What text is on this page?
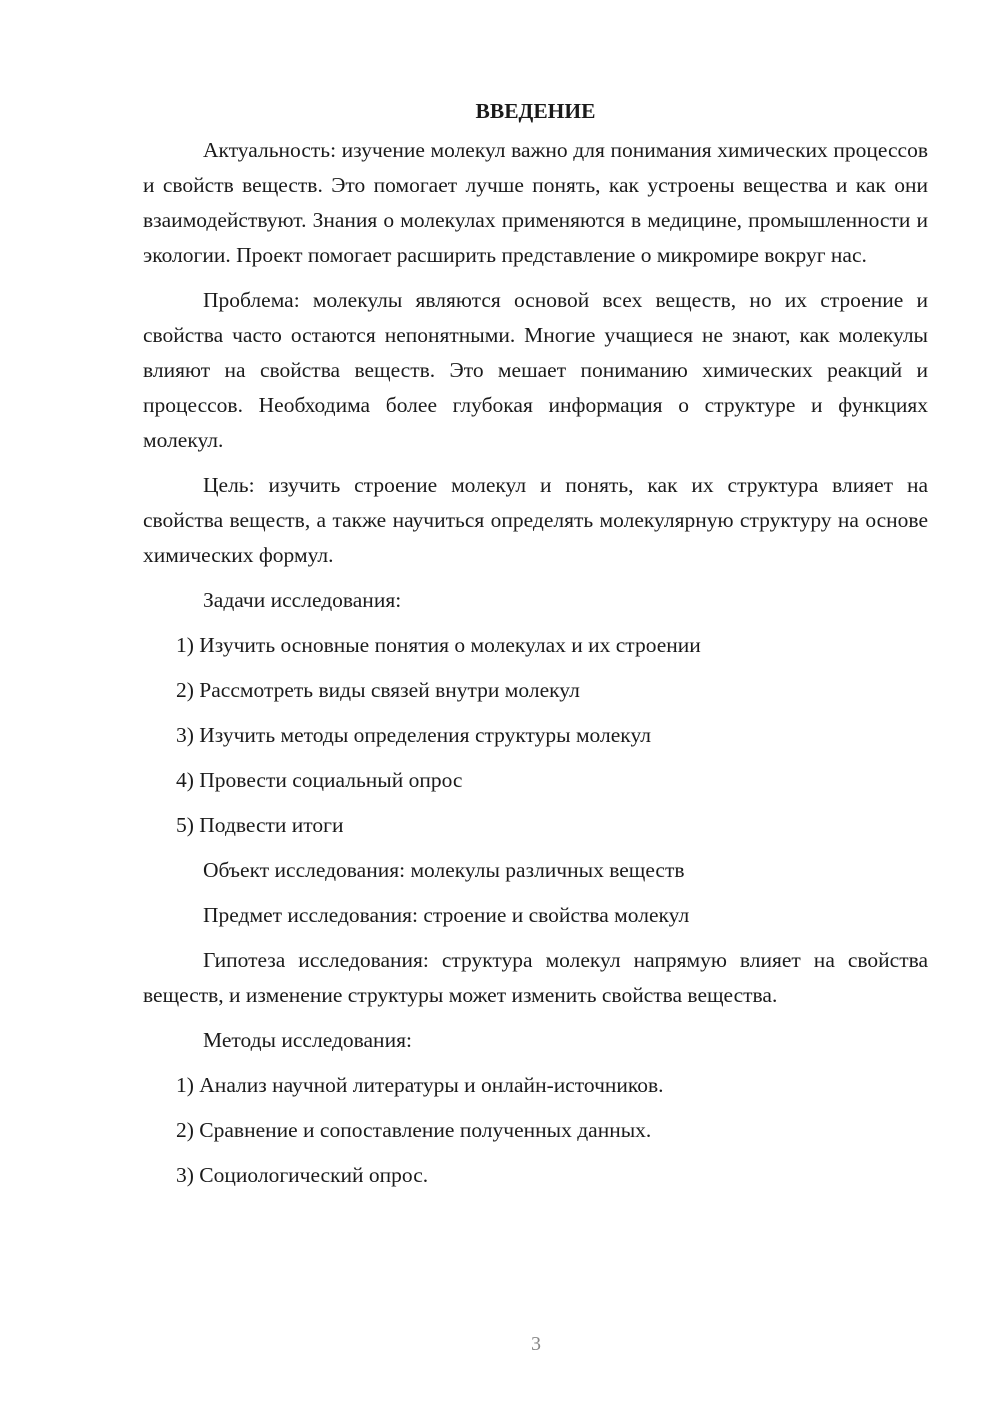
ВВЕДЕНИЕ

Актуальность: изучение молекул важно для понимания химических процессов и свойств веществ. Это помогает лучше понять, как устроены вещества и как они взаимодействуют. Знания о молекулах применяются в медицине, промышленности и экологии. Проект помогает расширить представление о микромире вокруг нас.

Проблема: молекулы являются основой всех веществ, но их строение и свойства часто остаются непонятными. Многие учащиеся не знают, как молекулы влияют на свойства веществ. Это мешает пониманию химических реакций и процессов. Необходима более глубокая информация о структуре и функциях молекул.

Цель: изучить строение молекул и понять, как их структура влияет на свойства веществ, а также научиться определять молекулярную структуру на основе химических формул.

Задачи исследования:

1) Изучить основные понятия о молекулах и их строении

2) Рассмотреть виды связей внутри молекул

3) Изучить методы определения структуры молекул

4) Провести социальный опрос

5) Подвести итоги

Объект исследования: молекулы различных веществ

Предмет исследования: строение и свойства молекул

Гипотеза исследования: структура молекул напрямую влияет на свойства веществ, и изменение структуры может изменить свойства вещества.

Методы исследования:

1) Анализ научной литературы и онлайн-источников.

2) Сравнение и сопоставление полученных данных.

3) Социологический опрос.

3
